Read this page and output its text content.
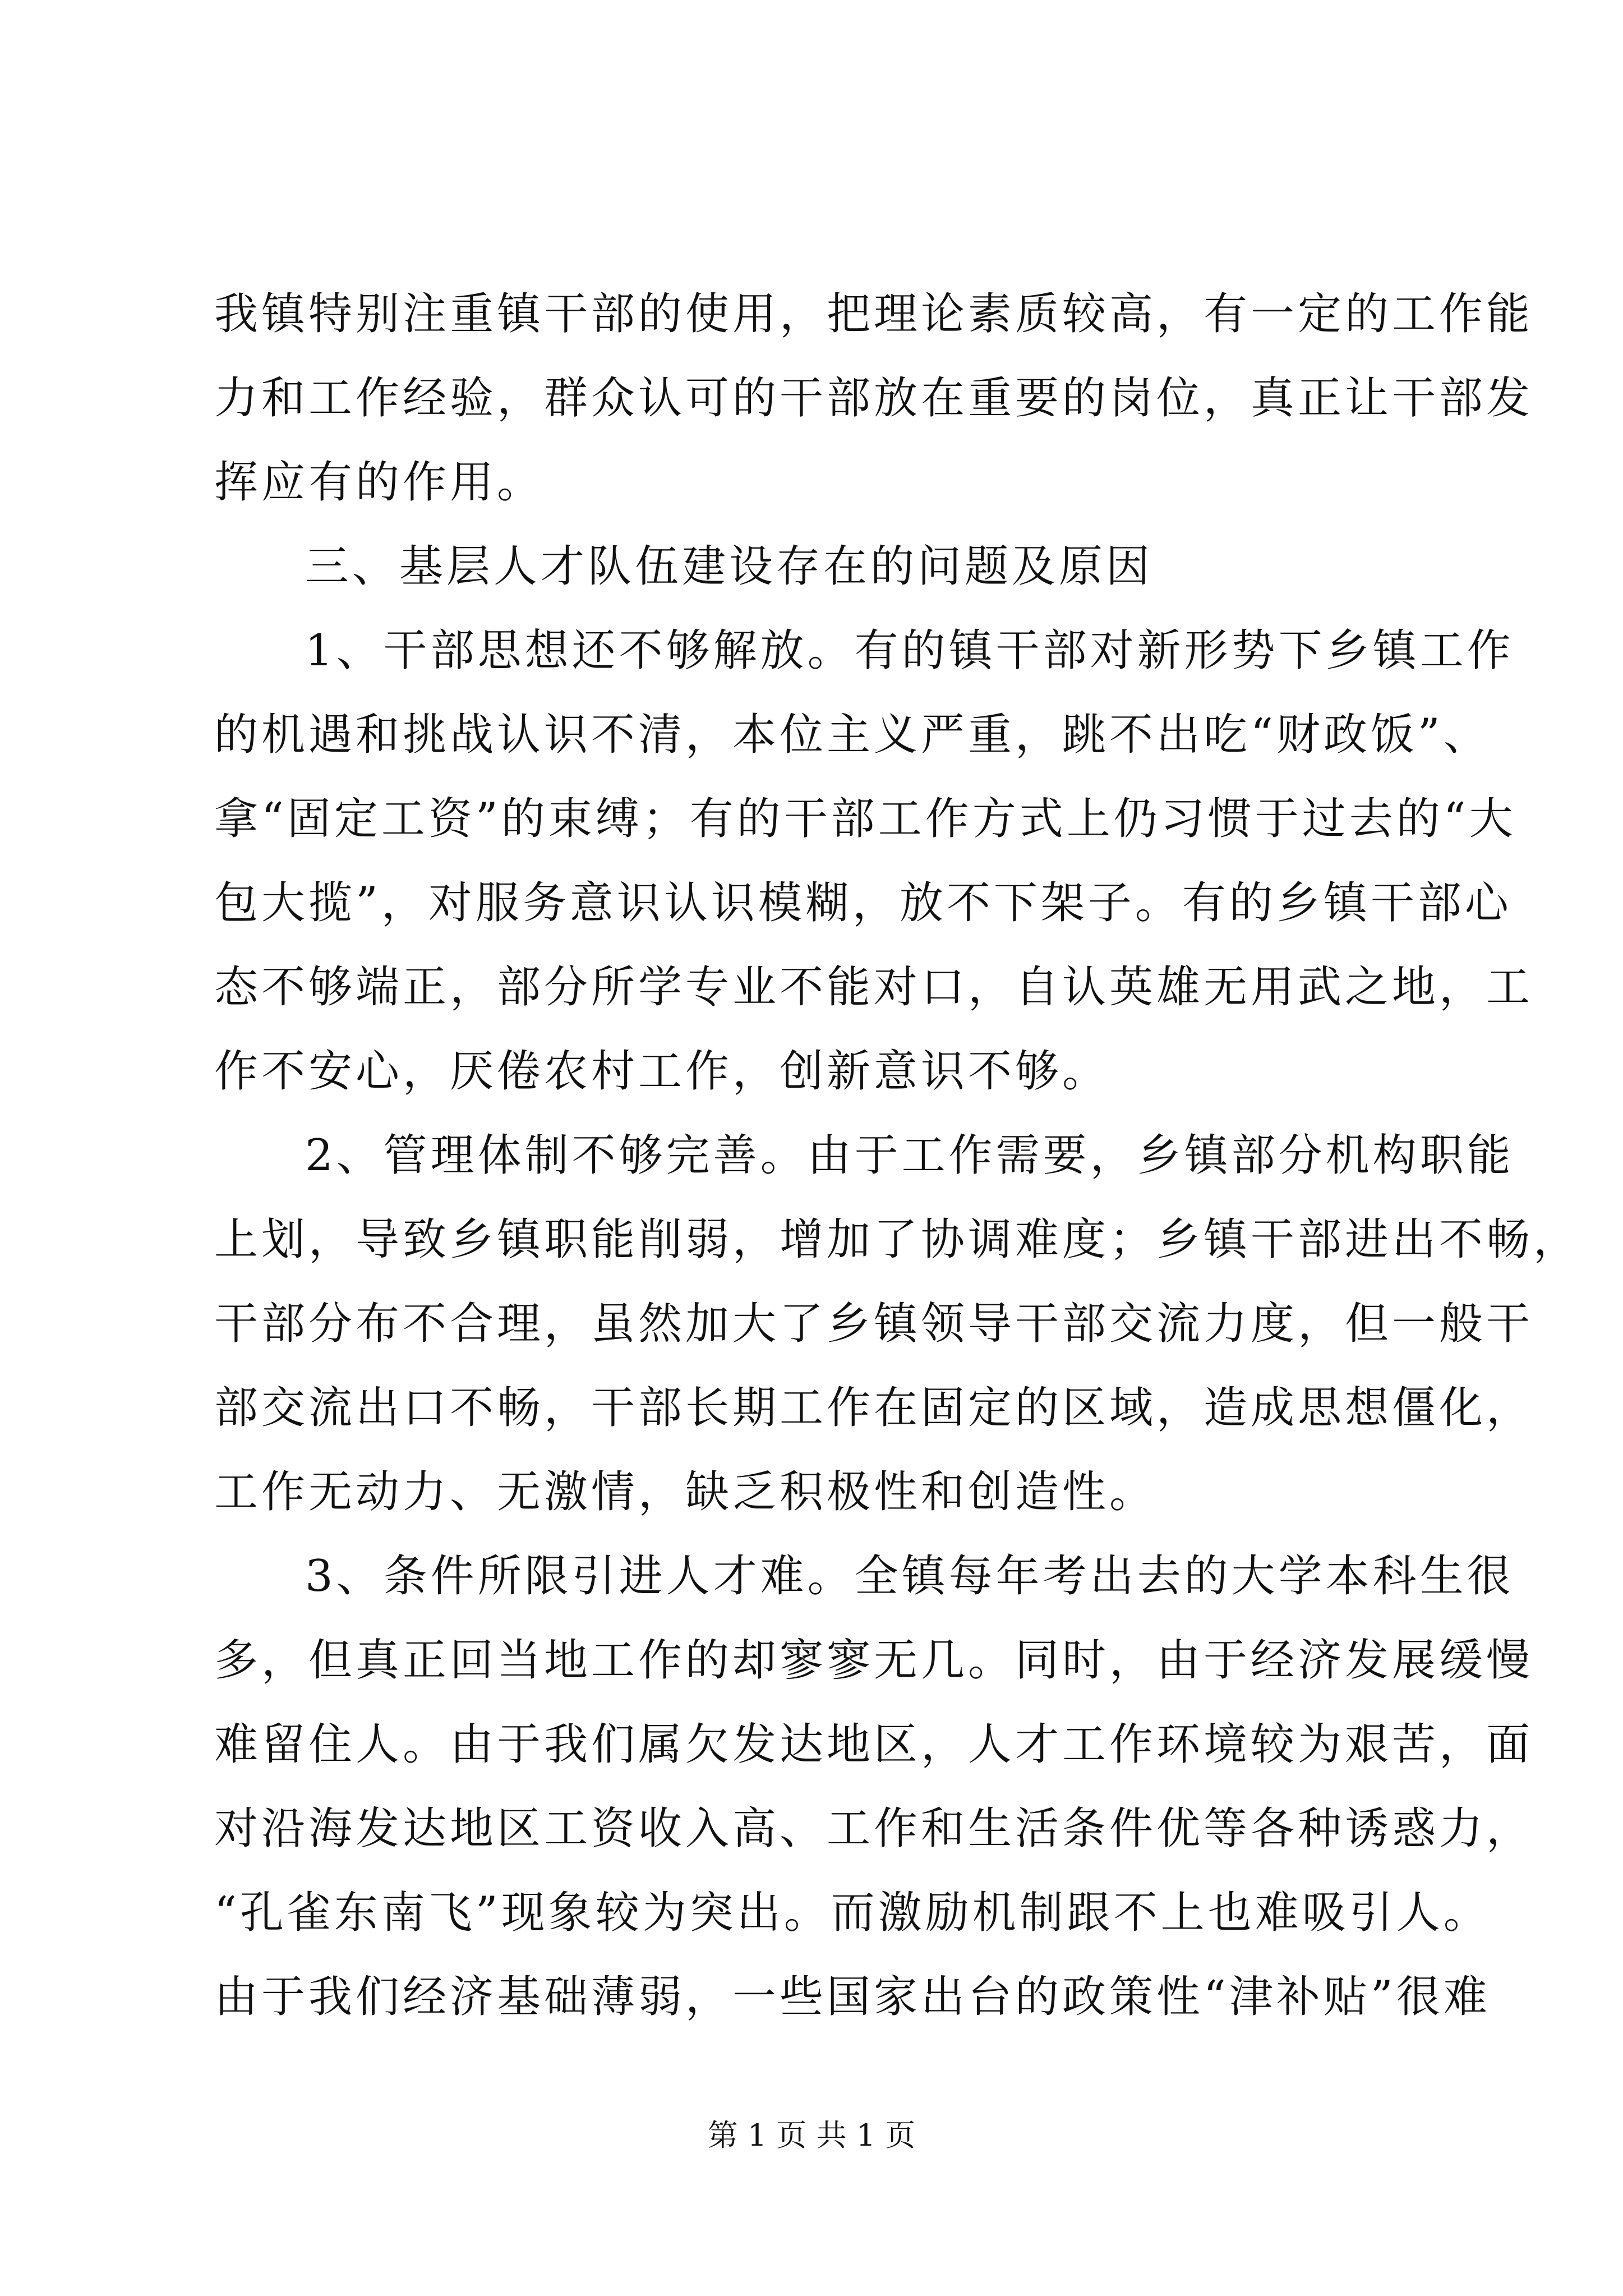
我镇特别注重镇干部的使用，把理论素质较高，有一定的工作能
力和工作经验，群众认可的干部放在重要的岗位，真正让干部发
挥应有的作用。
三、基层人才队伍建设存在的问题及原因
1、干部思想还不够解放。有的镇干部对新形势下乡镇工作
的机遇和挑战认识不清，本位主义严重，跳不出吃“财政饭”、
拿“固定工资”的束缚；有的干部工作方式上仍习惯于过去的“大
包大揽”，对服务意识认识模糊，放不下架子。有的乡镇干部心
态不够端正，部分所学专业不能对口，自认英雄无用武之地，工
作不安心，厌倦农村工作，创新意识不够。
2、管理体制不够完善。由于工作需要，乡镇部分机构职能
上划，导致乡镇职能削弱，增加了协调难度；乡镇干部进出不畅，
干部分布不合理，虽然加大了乡镇领导干部交流力度，但一般干
部交流出口不畅，干部长期工作在固定的区域，造成思想僵化，
工作无动力、无激情，缺乏积极性和创造性。
3、条件所限引进人才难。全镇每年考出去的大学本科生很
多，但真正回当地工作的却寥寥无几。同时，由于经济发展缓慢
难留住人。由于我们属欠发达地区，人才工作环境较为艰苦，面
对沿海发达地区工资收入高、工作和生活条件优等各种诱惑力，
“孔雀东南飞”现象较为突出。而激励机制跟不上也难吸引人。
由于我们经济基础薄弱，一些国家出台的政策性“津补贴”很难
第 1 页 共 1 页
